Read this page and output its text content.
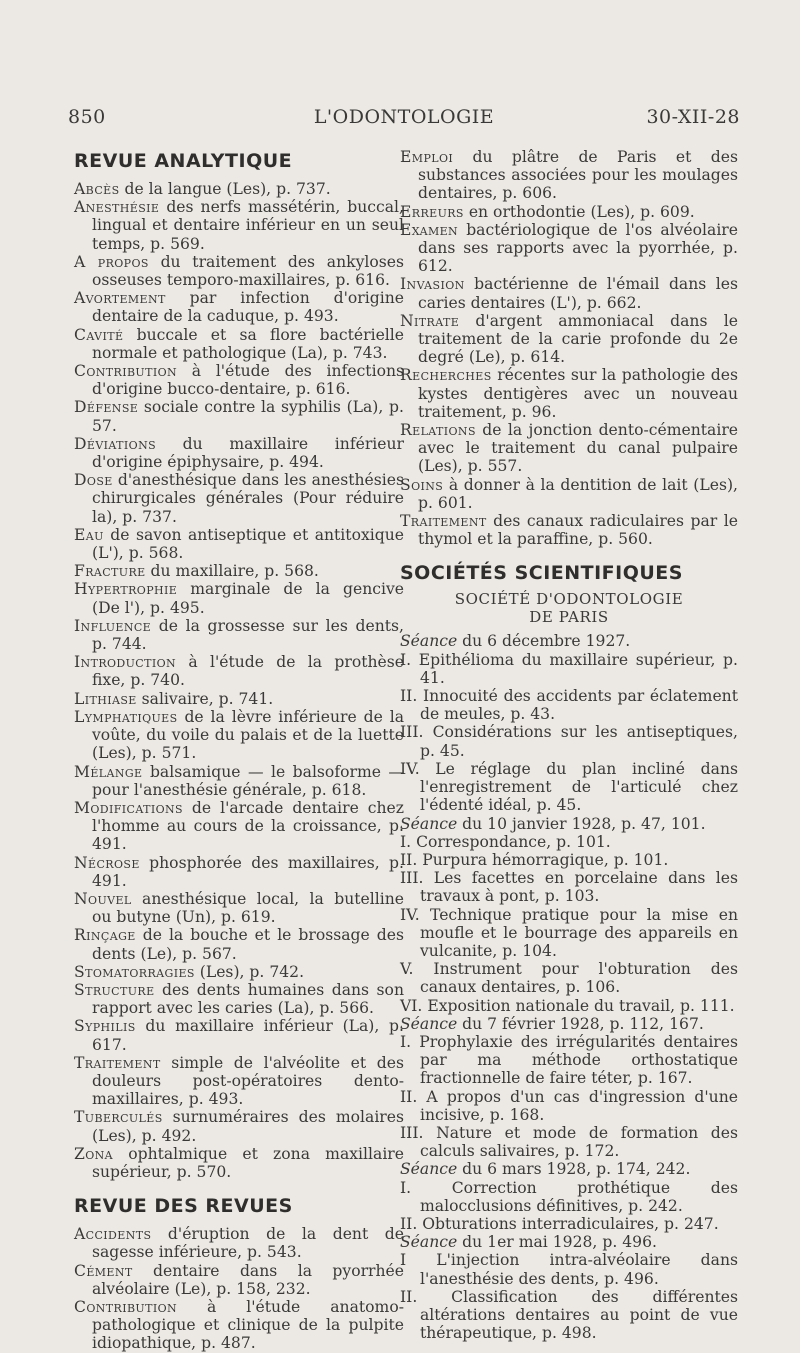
850	L'ODONTOLOGIE	30-XII-28
REVUE ANALYTIQUE

Abcès de la langue (Les), p. 737.

Anesthésie des nerfs massétérin, buccal, lingual et dentaire inférieur en un seul temps, p. 569.

A propos du traitement des ankyloses osseuses temporo-maxillaires, p. 616.

Avortement par infection d'origine dentaire de la caduque, p. 493.

Cavité buccale et sa flore bactérielle normale et pathologique (La), p. 743.

Contribution à l'étude des infections d'origine bucco-dentaire, p. 616.

Défense sociale contre la syphilis (La), p. 57.

Déviations du maxillaire inférieur d'origine épiphysaire, p. 494.

Dose d'anesthésique dans les anesthésies chirurgicales générales (Pour réduire la), p. 737.

Eau de savon antiseptique et antitoxique (L'), p. 568.

Fracture du maxillaire, p. 568.

Hypertrophie marginale de la gencive (De l'), p. 495.

Influence de la grossesse sur les dents, p. 744.

Introduction à l'étude de la prothèse fixe, p. 740.

Lithiase salivaire, p. 741.

Lymphatiques de la lèvre inférieure de la voûte, du voile du palais et de la luette (Les), p. 571.

Mélange balsamique — le balsoforme — pour l'anesthésie générale, p. 618.

Modifications de l'arcade dentaire chez l'homme au cours de la croissance, p. 491.

Nécrose phosphorée des maxillaires, p. 491.

Nouvel anesthésique local, la butelline ou butyne (Un), p. 619.

Rinçage de la bouche et le brossage des dents (Le), p. 567.

Stomatorragies (Les), p. 742.

Structure des dents humaines dans son rapport avec les caries (La), p. 566.

Syphilis du maxillaire inférieur (La), p. 617.

Traitement simple de l'alvéolite et des douleurs post-opératoires dento-maxillaires, p. 493.

Tuberculés surnuméraires des molaires (Les), p. 492.

Zona ophtalmique et zona maxillaire supérieur, p. 570.

REVUE DES REVUES

Accidents d'éruption de la dent de sagesse inférieure, p. 543.

Cément dentaire dans la pyorrhée alvéolaire (Le), p. 158, 232.

Contribution à l'étude anatomo-pathologique et clinique de la pulpite idiopathique, p. 487.

Emploi du plâtre de Paris et des substances associées pour les moulages dentaires, p. 606.

Erreurs en orthodontie (Les), p. 609.

Examen bactériologique de l'os alvéolaire dans ses rapports avec la pyorrhée, p. 612.

Invasion bactérienne de l'émail dans les caries dentaires (L'), p. 662.

Nitrate d'argent ammoniacal dans le traitement de la carie profonde du 2e degré (Le), p. 614.

Recherches récentes sur la pathologie des kystes dentigères avec un nouveau traitement, p. 96.

Relations de la jonction dento-cémentaire avec le traitement du canal pulpaire (Les), p. 557.

Soins à donner à la dentition de lait (Les), p. 601.

Traitement des canaux radiculaires par le thymol et la paraffine, p. 560.

SOCIÉTÉS SCIENTIFIQUES

SOCIÉTÉ D'ODONTOLOGIE
DE PARIS

Séance du 6 décembre 1927.

I. Epithélioma du maxillaire supérieur, p. 41.

II. Innocuité des accidents par éclatement de meules, p. 43.

III. Considérations sur les antiseptiques, p. 45.

IV. Le réglage du plan incliné dans l'enregistrement de l'articulé chez l'édenté idéal, p. 45.

Séance du 10 janvier 1928, p. 47, 101.

I. Correspondance, p. 101.

II. Purpura hémorragique, p. 101.

III. Les facettes en porcelaine dans les travaux à pont, p. 103.

IV. Technique pratique pour la mise en moufle et le bourrage des appareils en vulcanite, p. 104.

V. Instrument pour l'obturation des canaux dentaires, p. 106.

VI. Exposition nationale du travail, p. 111.

Séance du 7 février 1928, p. 112, 167.

I. Prophylaxie des irrégularités dentaires par ma méthode orthostatique fractionnelle de faire téter, p. 167.

II. A propos d'un cas d'ingression d'une incisive, p. 168.

III. Nature et mode de formation des calculs salivaires, p. 172.

Séance du 6 mars 1928, p. 174, 242.

I. Correction prothétique des malocclusions définitives, p. 242.

II. Obturations interradiculaires, p. 247.

Séance du 1er mai 1928, p. 496.

I L'injection intra-alvéolaire dans l'anesthésie des dents, p. 496.

II. Classification des différentes altérations dentaires au point de vue thérapeutique, p. 498.
